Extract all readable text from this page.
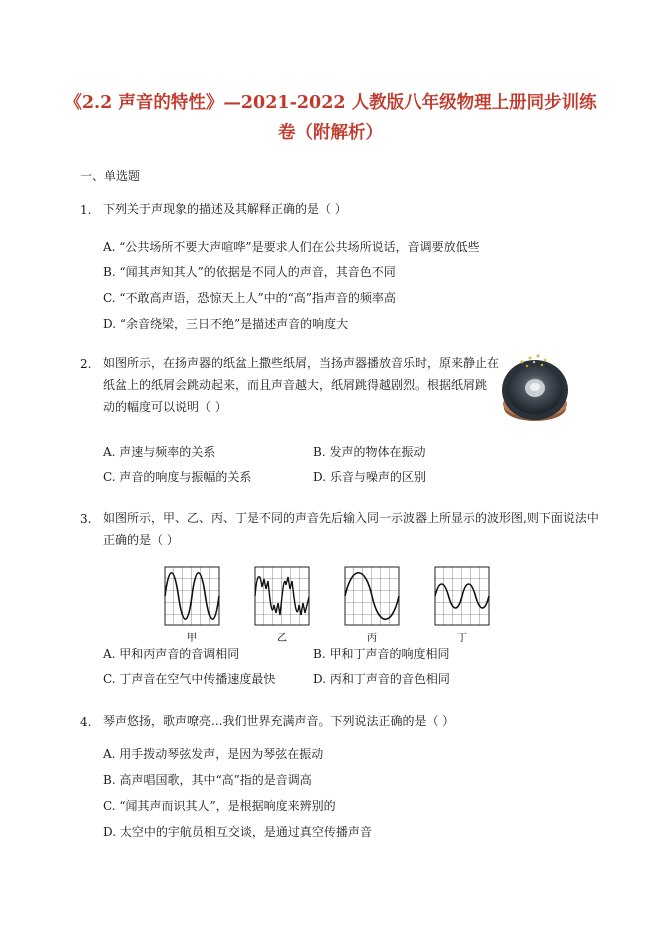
《2.2 声音的特性》—2021-2022 人教版八年级物理上册同步训练
卷（附解析）
一、单选题
1. 下列关于声现象的描述及其解释正确的是（ ）
A. “公共场所不要大声喧哗”是要求人们在公共场所说话，音调要放低些
B. “闻其声知其人”的依据是不同人的声音，其音色不同
C. “不敢高声语，恐惊天上人”中的“高”指声音的频率高
D. “余音绕梁，三日不绝”是描述声音的响度大
2. 如图所示，在扬声器的纸盆上撒些纸屑，当扬声器播放音乐时，原来静止在
纸盆上的纸屑会跳动起来，而且声音越大，纸屑跳得越剧烈。根据纸屑跳
动的幅度可以说明（ ）
A. 声速与频率的关系	B. 发声的物体在振动
C. 声音的响度与振幅的关系	D. 乐音与噪声的区别
3. 如图所示，甲、乙、丙、丁是不同的声音先后输入同一示波器上所显示的波形图,则下面说法中
正确的是（ ）
甲	乙	丙	丁
A. 甲和丙声音的音调相同	B. 甲和丁声音的响度相同
C. 丁声音在空气中传播速度最快	D. 丙和丁声音的音色相同
4. 琴声悠扬，歌声嘹亮...我们世界充满声音。下列说法正确的是（ ）
A. 用手拨动琴弦发声，是因为琴弦在振动
B. 高声唱国歌，其中“高”指的是音调高
C. “闻其声而识其人”，是根据响度来辨别的
D. 太空中的宇航员相互交谈，是通过真空传播声音
